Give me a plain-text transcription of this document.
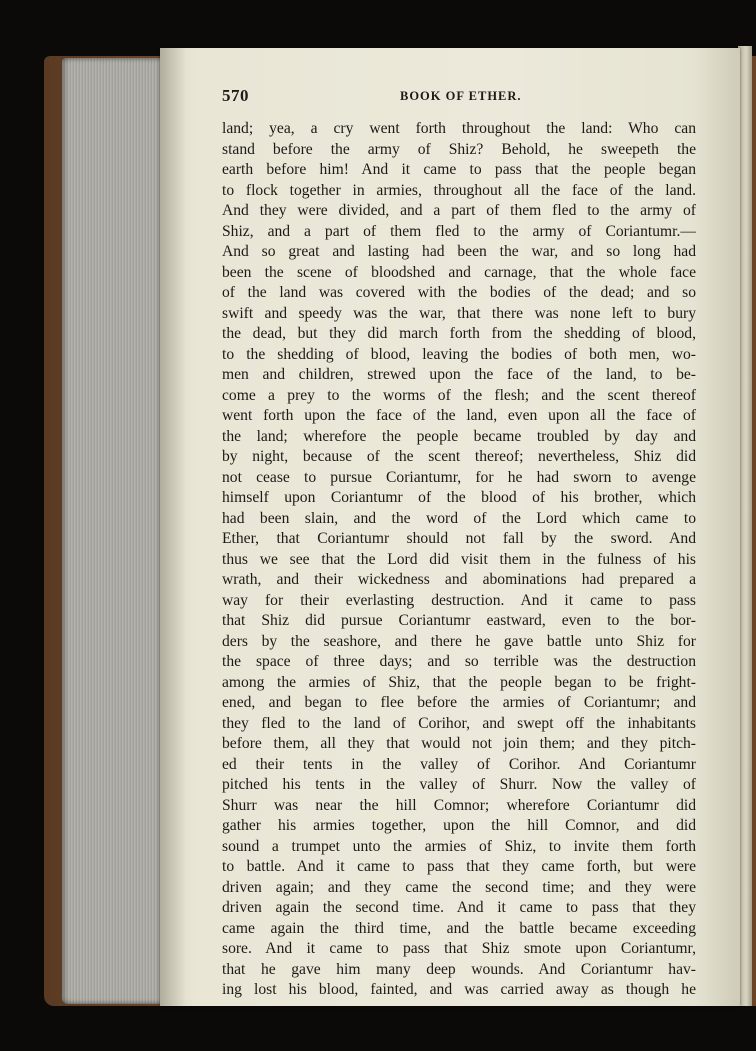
570	BOOK OF ETHER.
land; yea, a cry went forth throughout the land: Who can
stand before the army of Shiz? Behold, he sweepeth the
earth before him! And it came to pass that the people began
to flock together in armies, throughout all the face of the land.
And they were divided, and a part of them fled to the army of
Shiz, and a part of them fled to the army of Coriantumr.—
And so great and lasting had been the war, and so long had
been the scene of bloodshed and carnage, that the whole face
of the land was covered with the bodies of the dead; and so
swift and speedy was the war, that there was none left to bury
the dead, but they did march forth from the shedding of blood,
to the shedding of blood, leaving the bodies of both men, wo-
men and children, strewed upon the face of the land, to be-
come a prey to the worms of the flesh; and the scent thereof
went forth upon the face of the land, even upon all the face of
the land; wherefore the people became troubled by day and
by night, because of the scent thereof; nevertheless, Shiz did
not cease to pursue Coriantumr, for he had sworn to avenge
himself upon Coriantumr of the blood of his brother, which
had been slain, and the word of the Lord which came to
Ether, that Coriantumr should not fall by the sword. And
thus we see that the Lord did visit them in the fulness of his
wrath, and their wickedness and abominations had prepared a
way for their everlasting destruction. And it came to pass
that Shiz did pursue Coriantumr eastward, even to the bor-
ders by the seashore, and there he gave battle unto Shiz for
the space of three days; and so terrible was the destruction
among the armies of Shiz, that the people began to be fright-
ened, and began to flee before the armies of Coriantumr; and
they fled to the land of Corihor, and swept off the inhabitants
before them, all they that would not join them; and they pitch-
ed their tents in the valley of Corihor. And Coriantumr
pitched his tents in the valley of Shurr. Now the valley of
Shurr was near the hill Comnor; wherefore Coriantumr did
gather his armies together, upon the hill Comnor, and did
sound a trumpet unto the armies of Shiz, to invite them forth
to battle. And it came to pass that they came forth, but were
driven again; and they came the second time; and they were
driven again the second time. And it came to pass that they
came again the third time, and the battle became exceeding
sore. And it came to pass that Shiz smote upon Coriantumr,
that he gave him many deep wounds. And Coriantumr hav-
ing lost his blood, fainted, and was carried away as though he
